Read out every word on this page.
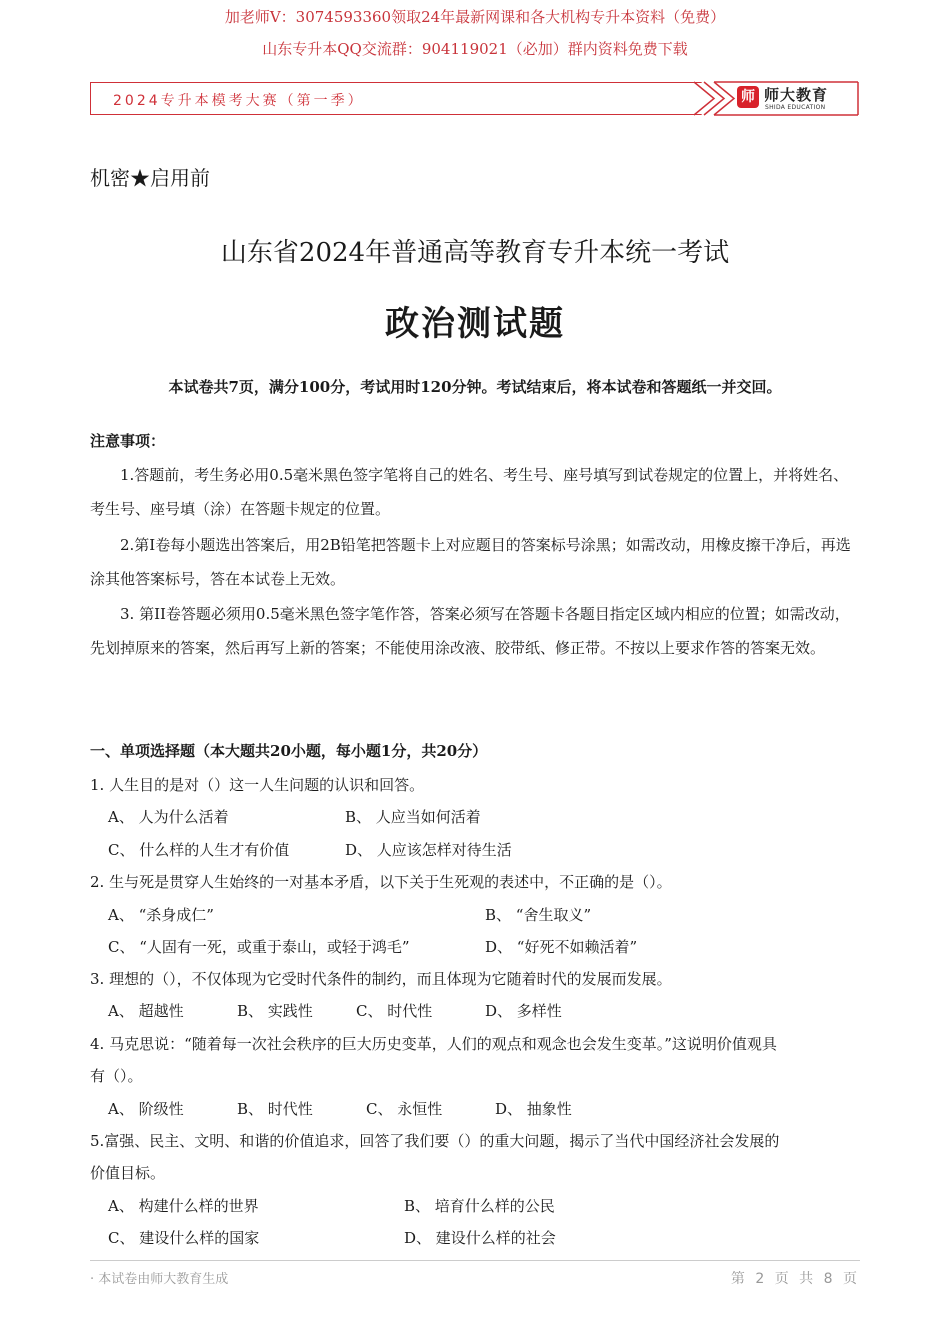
加老师V：3074593360领取24年最新网课和各大机构专升本资料（免费）
山东专升本QQ交流群：904119021（必加）群内资料免费下载
2024专升本模考大赛（第一季）	师 师大教育
SHIDA EDUCATION
机密★启用前
山东省2024年普通高等教育专升本统一考试
政治测试题
本试卷共7页，满分100分，考试用时120分钟。考试结束后，将本试卷和答题纸一并交回。
注意事项：
1.答题前，考生务必用0.5毫米黑色签字笔将自己的姓名、考生号、座号填写到试卷规定的位置上，并将姓名、考生号、座号填（涂）在答题卡规定的位置。
2.第I卷每小题选出答案后，用2B铅笔把答题卡上对应题目的答案标号涂黑；如需改动，用橡皮擦干净后，再选涂其他答案标号，答在本试卷上无效。
3. 第II卷答题必须用0.5毫米黑色签字笔作答，答案必须写在答题卡各题目指定区域内相应的位置；如需改动，先划掉原来的答案，然后再写上新的答案；不能使用涂改液、胶带纸、修正带。不按以上要求作答的答案无效。
一、单项选择题（本大题共20小题，每小题1分，共20分）
1. 人生目的是对（）这一人生问题的认识和回答。
A、 人为什么活着	B、 人应当如何活着
C、 什么样的人生才有价值	D、 人应该怎样对待生活
2. 生与死是贯穿人生始终的一对基本矛盾，以下关于生死观的表述中，不正确的是（）。
A、 “杀身成仁”	B、 “舍生取义”
C、 “人固有一死，或重于泰山，或轻于鸿毛”	D、 “好死不如赖活着”
3. 理想的（），不仅体现为它受时代条件的制约，而且体现为它随着时代的发展而发展。
A、 超越性	B、 实践性	C、 时代性	D、 多样性
4. 马克思说：“随着每一次社会秩序的巨大历史变革，人们的观点和观念也会发生变革。”这说明价值观具
有（）。
A、 阶级性	B、 时代性	C、 永恒性	D、 抽象性
5.富强、民主、文明、和谐的价值追求，回答了我们要（）的重大问题，揭示了当代中国经济社会发展的
价值目标。
A、 构建什么样的世界	B、 培育什么样的公民
C、 建设什么样的国家	D、 建设什么样的社会
· 本试卷由师大教育生成	第 2 页 共 8 页
